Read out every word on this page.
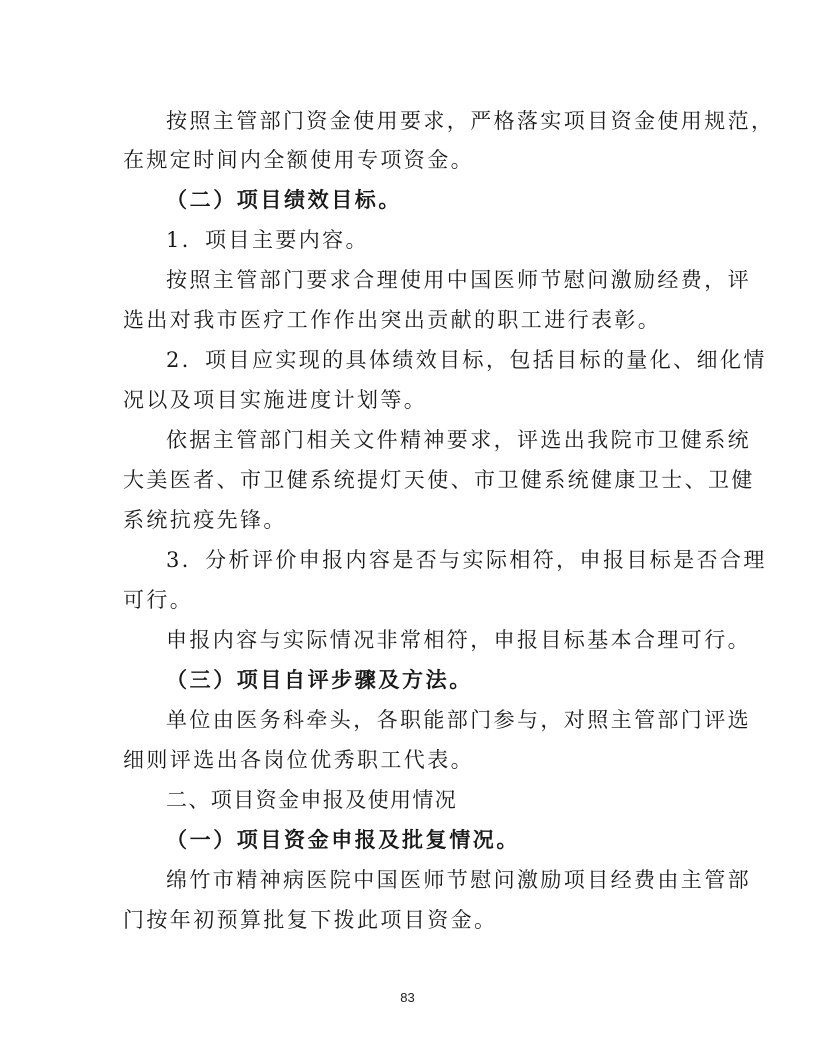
按照主管部门资金使用要求，严格落实项目资金使用规范，
在规定时间内全额使用专项资金。
（二）项目绩效目标。
1．项目主要内容。
按照主管部门要求合理使用中国医师节慰问激励经费，评
选出对我市医疗工作作出突出贡献的职工进行表彰。
2．项目应实现的具体绩效目标，包括目标的量化、细化情
况以及项目实施进度计划等。
依据主管部门相关文件精神要求，评选出我院市卫健系统
大美医者、市卫健系统提灯天使、市卫健系统健康卫士、卫健
系统抗疫先锋。
3．分析评价申报内容是否与实际相符，申报目标是否合理
可行。
申报内容与实际情况非常相符，申报目标基本合理可行。
（三）项目自评步骤及方法。
单位由医务科牵头，各职能部门参与，对照主管部门评选
细则评选出各岗位优秀职工代表。
二、项目资金申报及使用情况
（一）项目资金申报及批复情况。
绵竹市精神病医院中国医师节慰问激励项目经费由主管部
门按年初预算批复下拨此项目资金。
83
